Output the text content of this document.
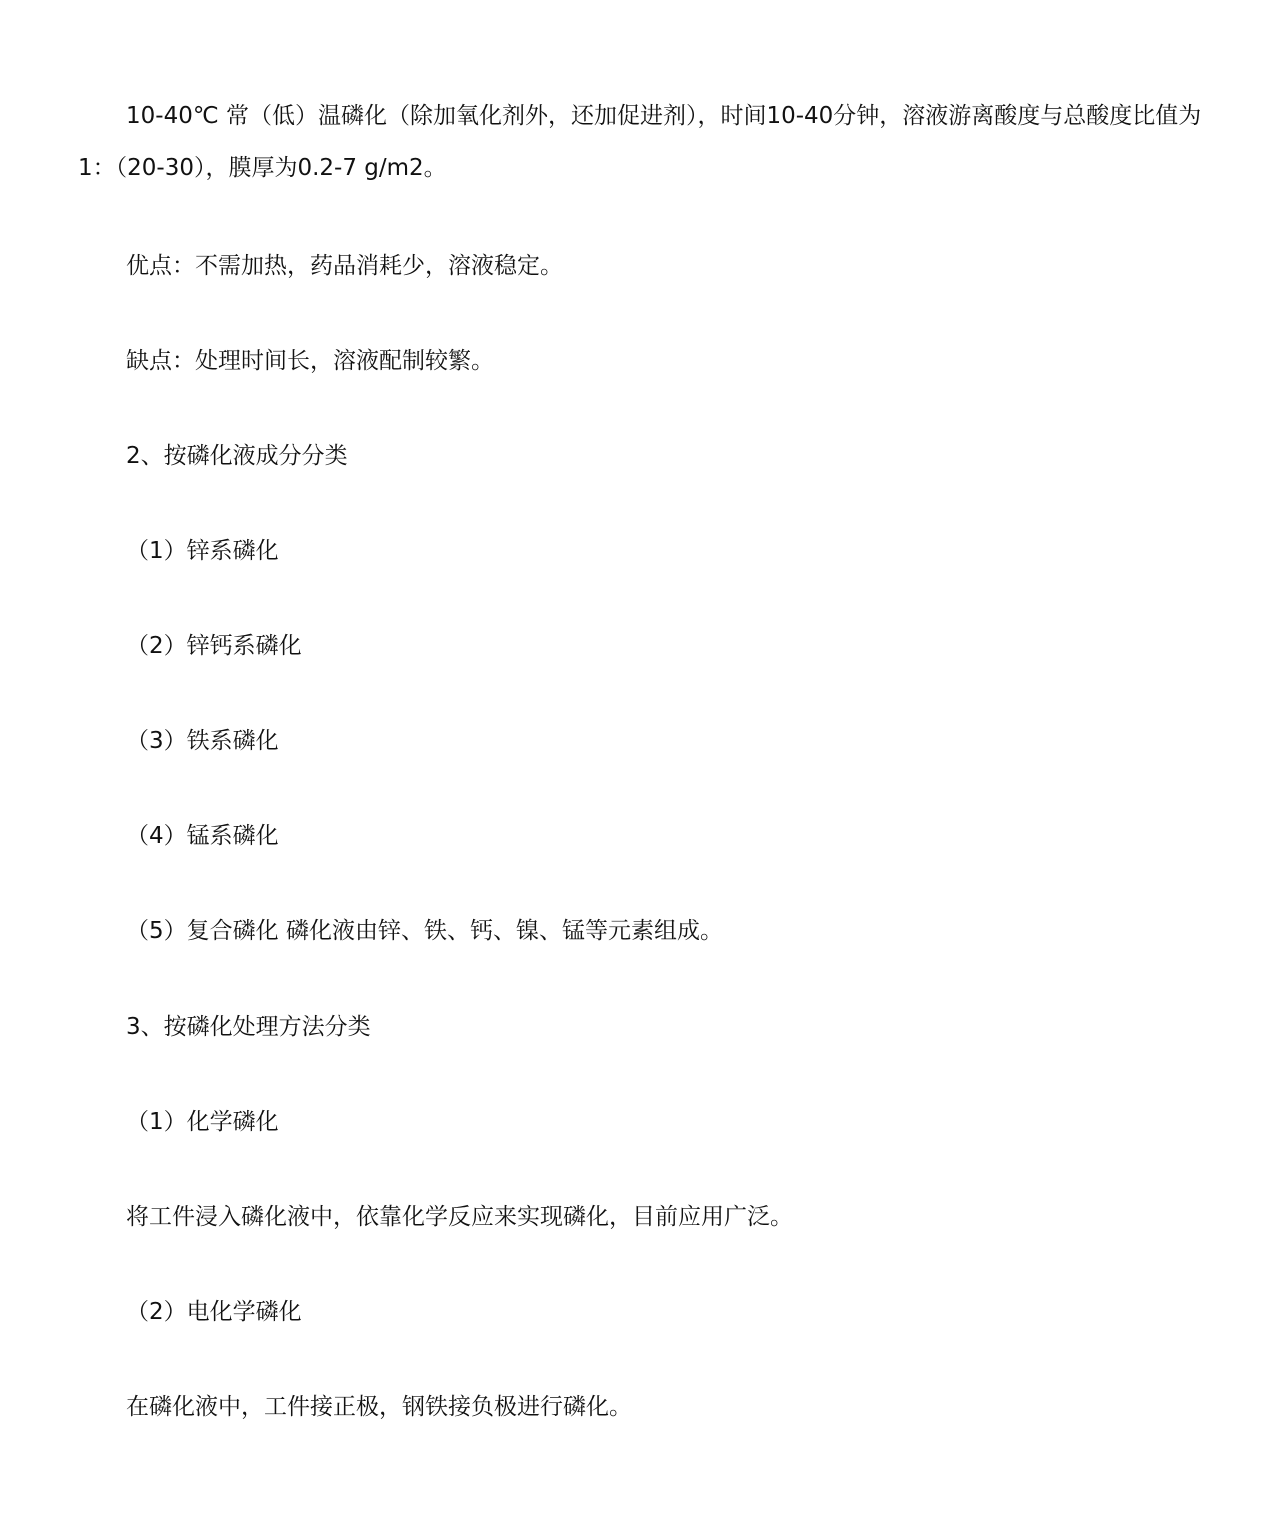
10-40℃ 常（低）温磷化（除加氧化剂外，还加促进剂），时间10-40分钟，溶液游离酸度与总酸度比值为1：（20-30），膜厚为0.2-7 g/m2。

优点：不需加热，药品消耗少，溶液稳定。

缺点：处理时间长，溶液配制较繁。

2、按磷化液成分分类

（1）锌系磷化

（2）锌钙系磷化

（3）铁系磷化

（4）锰系磷化

（5）复合磷化 磷化液由锌、铁、钙、镍、锰等元素组成。

3、按磷化处理方法分类

（1）化学磷化

将工件浸入磷化液中，依靠化学反应来实现磷化，目前应用广泛。

（2）电化学磷化

在磷化液中，工件接正极，钢铁接负极进行磷化。
